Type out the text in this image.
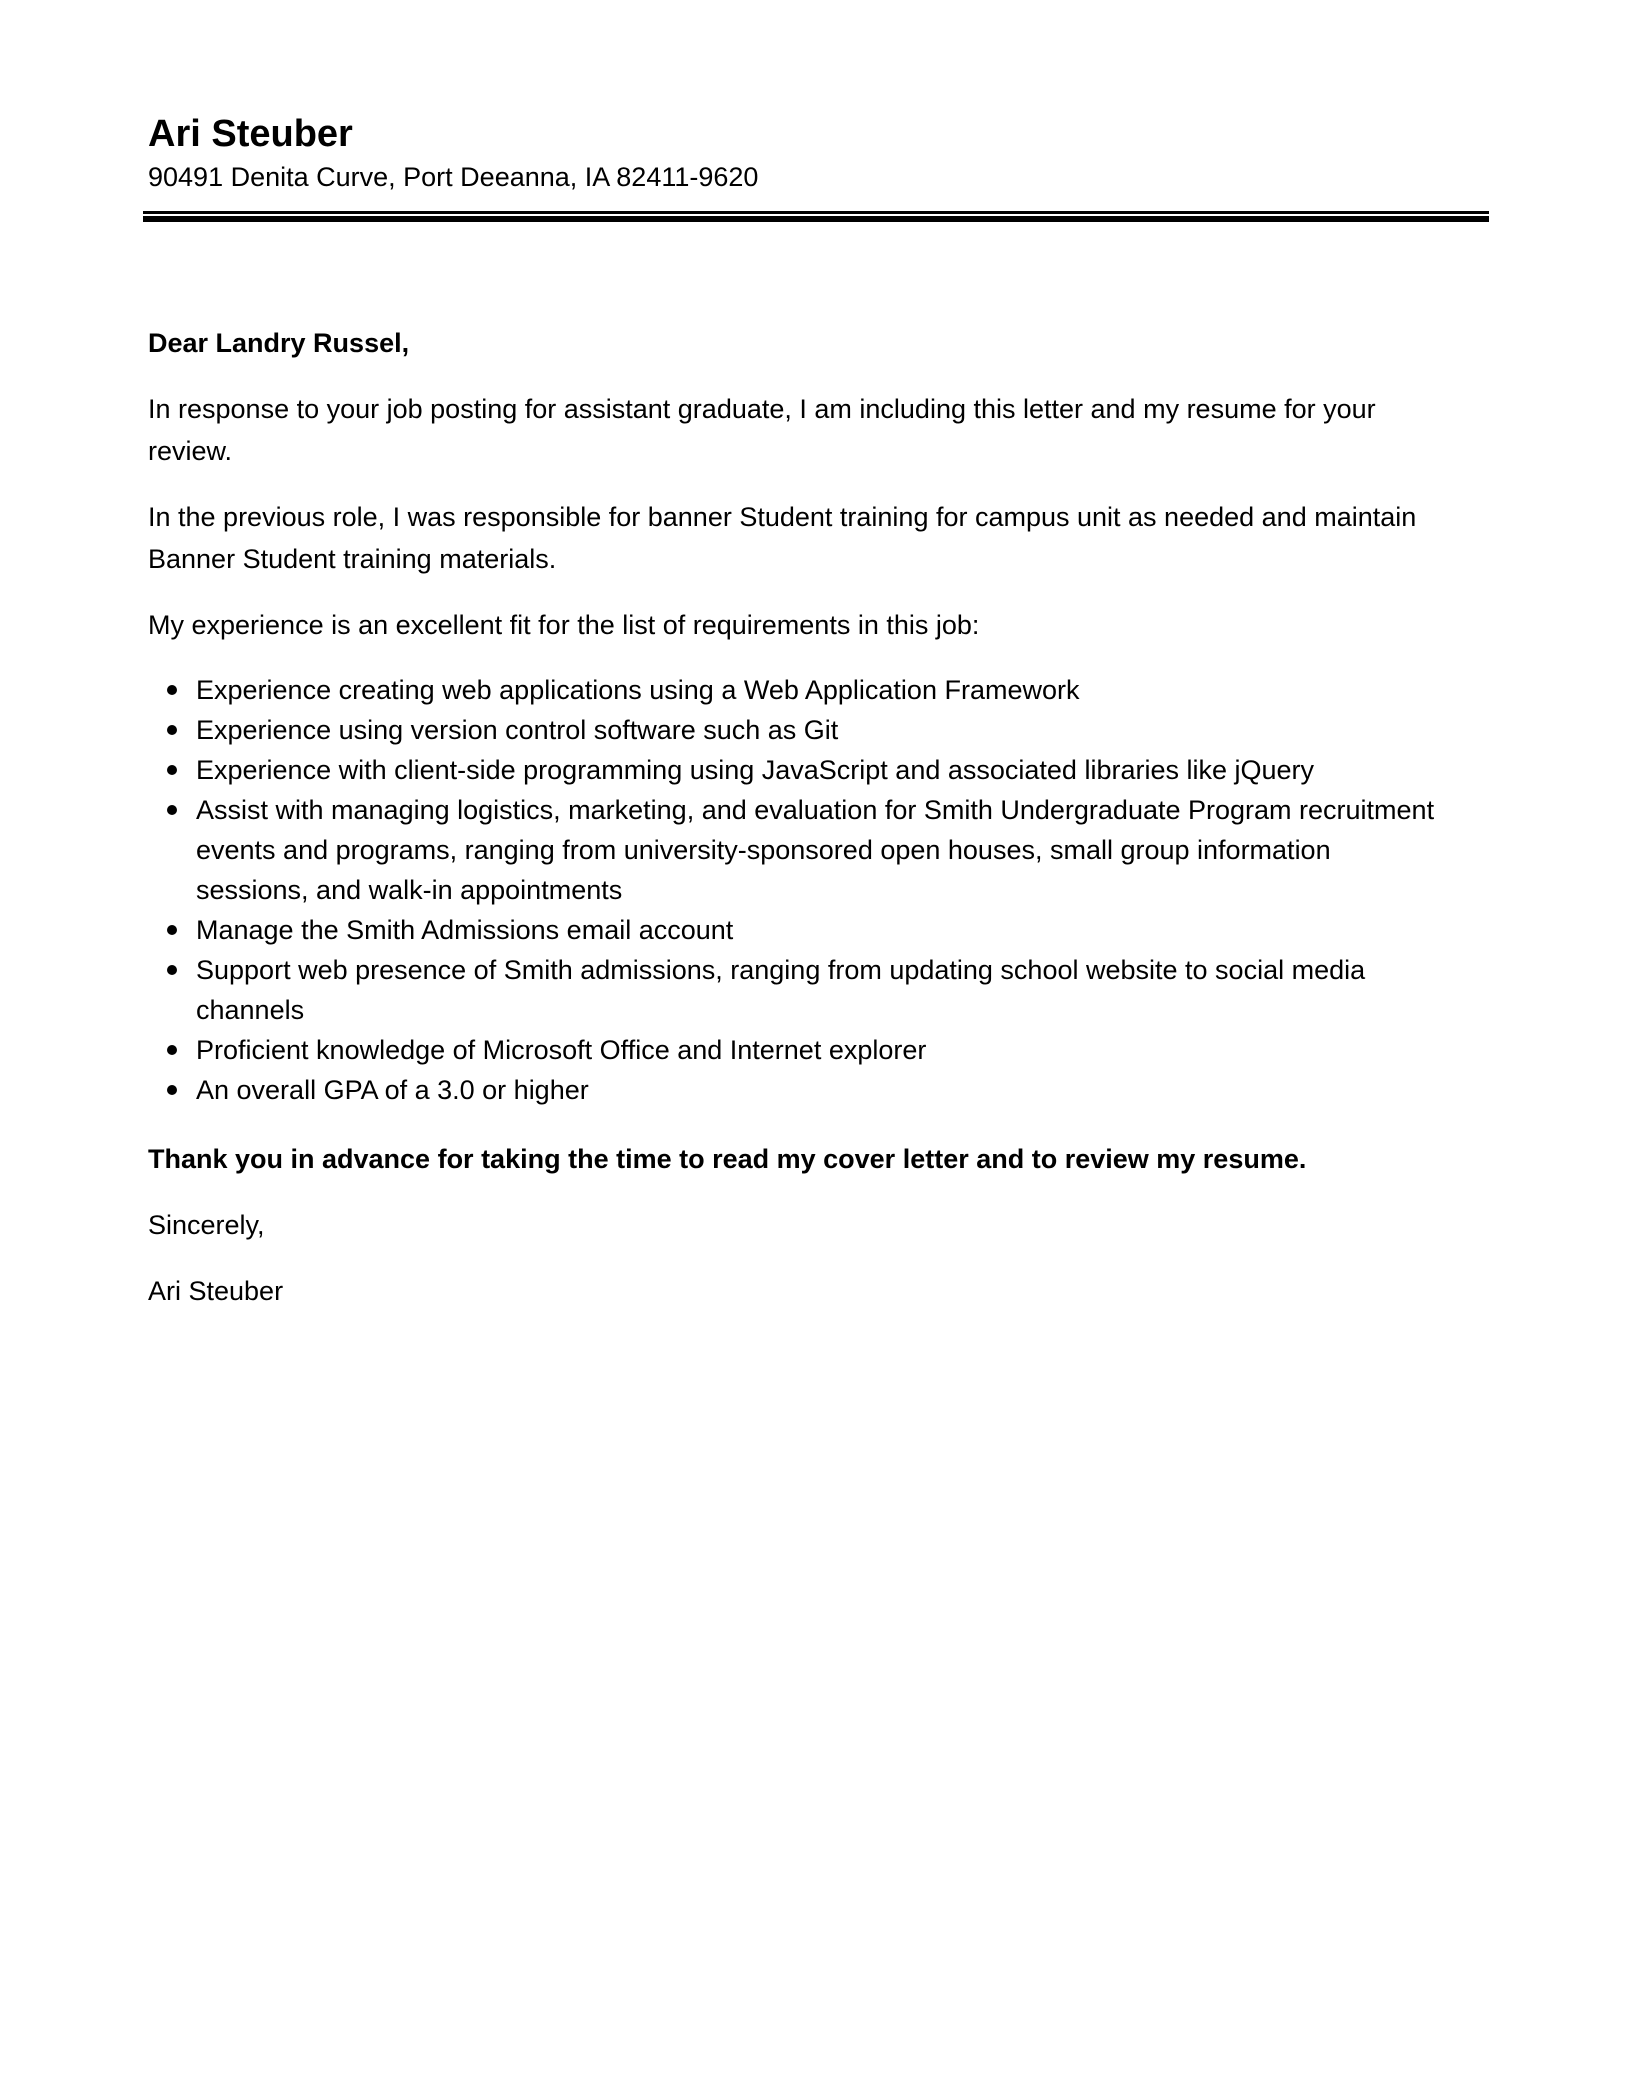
Ari Steuber

90491 Denita Curve, Port Deeanna, IA 82411-9620

Dear Landry Russel,

In response to your job posting for assistant graduate, I am including this letter and my resume for your review.

In the previous role, I was responsible for banner Student training for campus unit as needed and maintain Banner Student training materials.

My experience is an excellent fit for the list of requirements in this job:

Experience creating web applications using a Web Application Framework
Experience using version control software such as Git
Experience with client-side programming using JavaScript and associated libraries like jQuery
Assist with managing logistics, marketing, and evaluation for Smith Undergraduate Program recruitment events and programs, ranging from university-sponsored open houses, small group information sessions, and walk-in appointments
Manage the Smith Admissions email account
Support web presence of Smith admissions, ranging from updating school website to social media channels
Proficient knowledge of Microsoft Office and Internet explorer
An overall GPA of a 3.0 or higher

Thank you in advance for taking the time to read my cover letter and to review my resume.

Sincerely,

Ari Steuber
